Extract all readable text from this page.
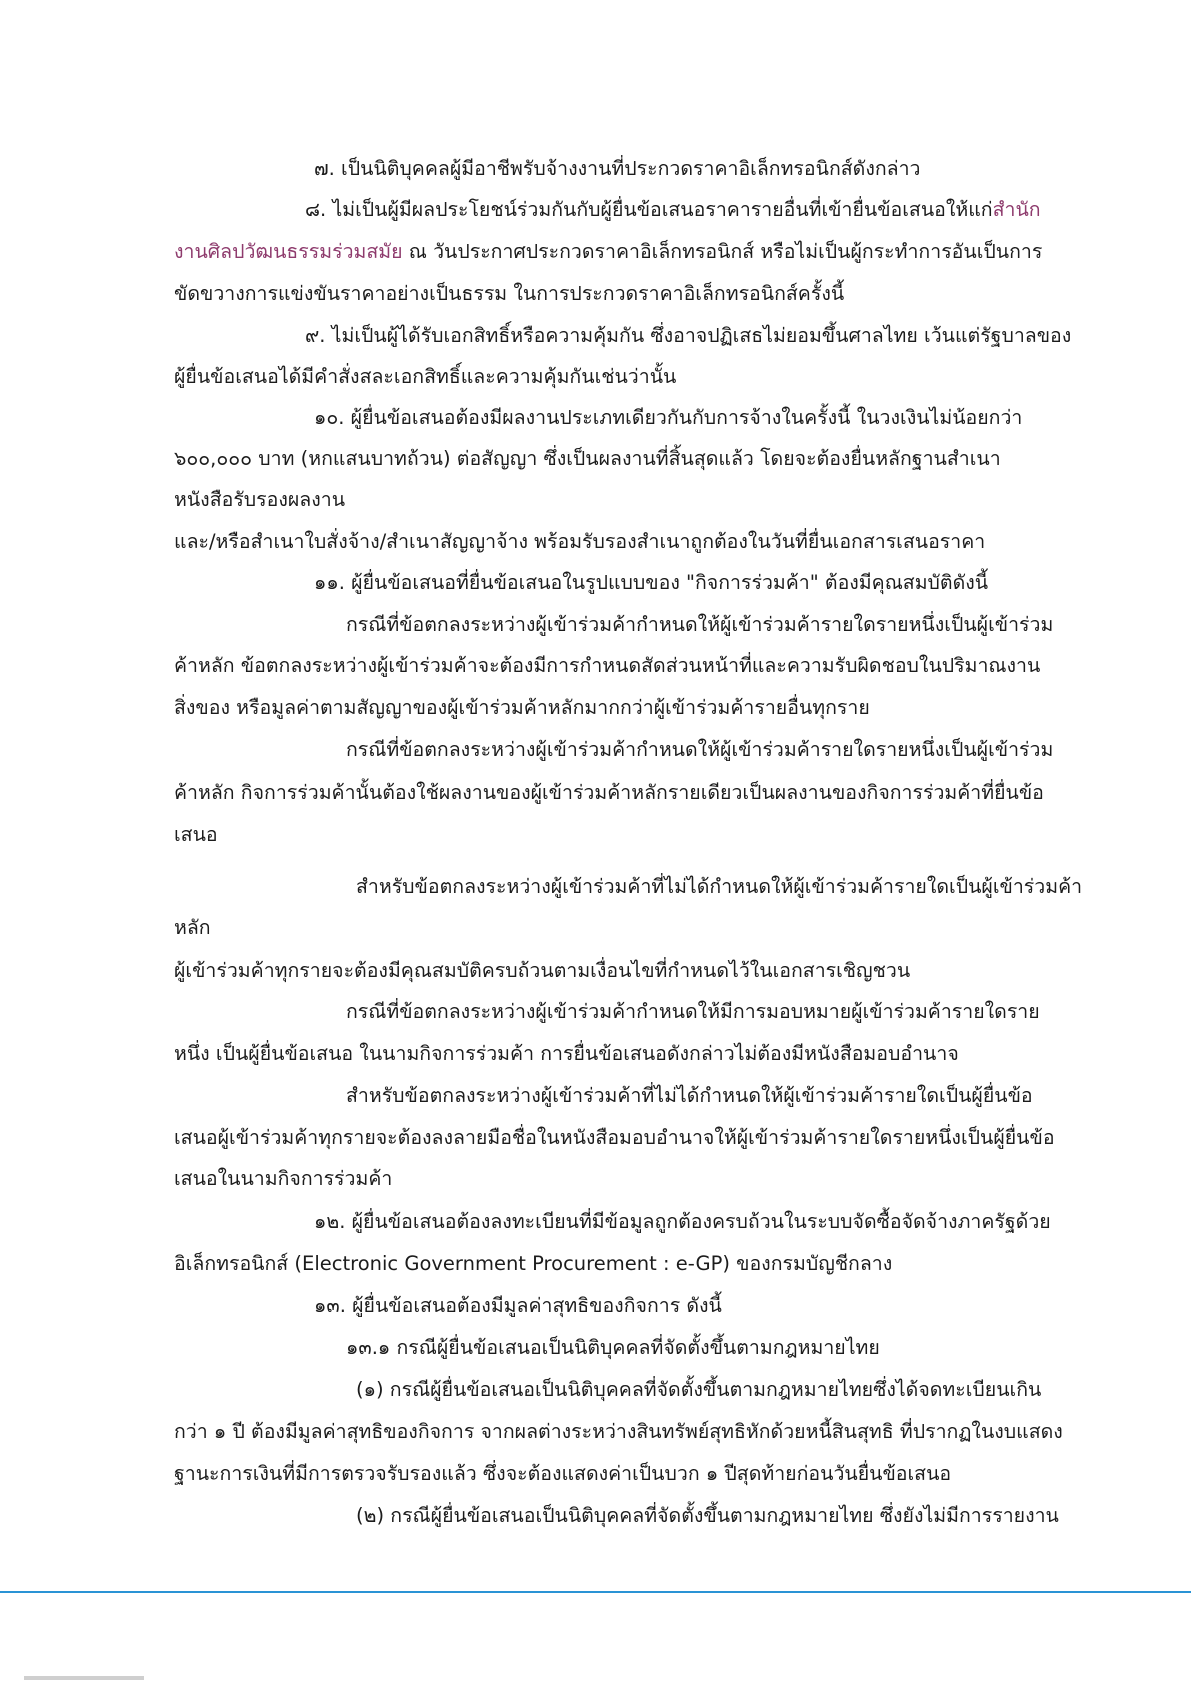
๗. เป็นนิติบุคคลผู้มีอาชีพรับจ้างงานที่ประกวดราคาอิเล็กทรอนิกส์ดังกล่าว
๘. ไม่เป็นผู้มีผลประโยชน์ร่วมกันกับผู้ยื่นข้อเสนอราคารายอื่นที่เข้ายื่นข้อเสนอให้แก่สำนัก
งานศิลปวัฒนธรรมร่วมสมัย ณ วันประกาศประกวดราคาอิเล็กทรอนิกส์ หรือไม่เป็นผู้กระทำการอันเป็นการ
ขัดขวางการแข่งขันราคาอย่างเป็นธรรม ในการประกวดราคาอิเล็กทรอนิกส์ครั้งนี้
๙. ไม่เป็นผู้ได้รับเอกสิทธิ์หรือความคุ้มกัน ซึ่งอาจปฏิเสธไม่ยอมขึ้นศาลไทย เว้นแต่รัฐบาลของ
ผู้ยื่นข้อเสนอได้มีคำสั่งสละเอกสิทธิ์และความคุ้มกันเช่นว่านั้น
๑๐. ผู้ยื่นข้อเสนอต้องมีผลงานประเภทเดียวกันกับการจ้างในครั้งนี้ ในวงเงินไม่น้อยกว่า
๖๐๐,๐๐๐ บาท (หกแสนบาทถ้วน) ต่อสัญญา ซึ่งเป็นผลงานที่สิ้นสุดแล้ว โดยจะต้องยื่นหลักฐานสำเนา
หนังสือรับรองผลงาน
และ/หรือสำเนาใบสั่งจ้าง/สำเนาสัญญาจ้าง พร้อมรับรองสำเนาถูกต้องในวันที่ยื่นเอกสารเสนอราคา
๑๑. ผู้ยื่นข้อเสนอที่ยื่นข้อเสนอในรูปแบบของ "กิจการร่วมค้า" ต้องมีคุณสมบัติดังนี้
กรณีที่ข้อตกลงระหว่างผู้เข้าร่วมค้ากำหนดให้ผู้เข้าร่วมค้ารายใดรายหนึ่งเป็นผู้เข้าร่วม
ค้าหลัก ข้อตกลงระหว่างผู้เข้าร่วมค้าจะต้องมีการกำหนดสัดส่วนหน้าที่และความรับผิดชอบในปริมาณงาน
สิ่งของ หรือมูลค่าตามสัญญาของผู้เข้าร่วมค้าหลักมากกว่าผู้เข้าร่วมค้ารายอื่นทุกราย
กรณีที่ข้อตกลงระหว่างผู้เข้าร่วมค้ากำหนดให้ผู้เข้าร่วมค้ารายใดรายหนึ่งเป็นผู้เข้าร่วม
ค้าหลัก กิจการร่วมค้านั้นต้องใช้ผลงานของผู้เข้าร่วมค้าหลักรายเดียวเป็นผลงานของกิจการร่วมค้าที่ยื่นข้อ
เสนอ
สำหรับข้อตกลงระหว่างผู้เข้าร่วมค้าที่ไม่ได้กำหนดให้ผู้เข้าร่วมค้ารายใดเป็นผู้เข้าร่วมค้า
หลัก
ผู้เข้าร่วมค้าทุกรายจะต้องมีคุณสมบัติครบถ้วนตามเงื่อนไขที่กำหนดไว้ในเอกสารเชิญชวน
กรณีที่ข้อตกลงระหว่างผู้เข้าร่วมค้ากำหนดให้มีการมอบหมายผู้เข้าร่วมค้ารายใดราย
หนึ่ง เป็นผู้ยื่นข้อเสนอ ในนามกิจการร่วมค้า การยื่นข้อเสนอดังกล่าวไม่ต้องมีหนังสือมอบอำนาจ
สำหรับข้อตกลงระหว่างผู้เข้าร่วมค้าที่ไม่ได้กำหนดให้ผู้เข้าร่วมค้ารายใดเป็นผู้ยื่นข้อ
เสนอผู้เข้าร่วมค้าทุกรายจะต้องลงลายมือชื่อในหนังสือมอบอำนาจให้ผู้เข้าร่วมค้ารายใดรายหนึ่งเป็นผู้ยื่นข้อ
เสนอในนามกิจการร่วมค้า
๑๒. ผู้ยื่นข้อเสนอต้องลงทะเบียนที่มีข้อมูลถูกต้องครบถ้วนในระบบจัดซื้อจัดจ้างภาครัฐด้วย
อิเล็กทรอนิกส์ (Electronic Government Procurement : e-GP) ของกรมบัญชีกลาง
๑๓. ผู้ยื่นข้อเสนอต้องมีมูลค่าสุทธิของกิจการ ดังนี้
๑๓.๑ กรณีผู้ยื่นข้อเสนอเป็นนิติบุคคลที่จัดตั้งขึ้นตามกฎหมายไทย
(๑) กรณีผู้ยื่นข้อเสนอเป็นนิติบุคคลที่จัดตั้งขึ้นตามกฎหมายไทยซึ่งได้จดทะเบียนเกิน
กว่า ๑ ปี ต้องมีมูลค่าสุทธิของกิจการ จากผลต่างระหว่างสินทรัพย์สุทธิหักด้วยหนี้สินสุทธิ ที่ปรากฏในงบแสดง
ฐานะการเงินที่มีการตรวจรับรองแล้ว ซึ่งจะต้องแสดงค่าเป็นบวก ๑ ปีสุดท้ายก่อนวันยื่นข้อเสนอ
(๒) กรณีผู้ยื่นข้อเสนอเป็นนิติบุคคลที่จัดตั้งขึ้นตามกฎหมายไทย ซึ่งยังไม่มีการรายงาน
